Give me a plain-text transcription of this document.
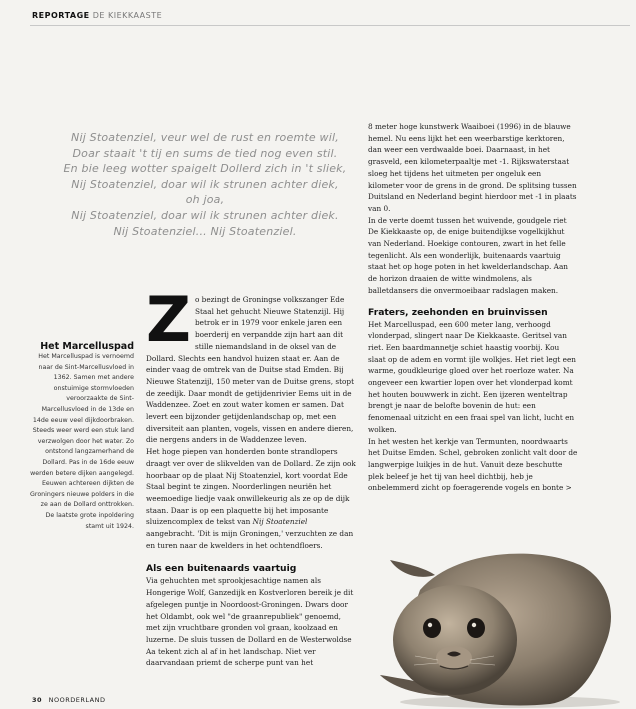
REPORTAGE DE KIEKKAASTE
Nij Stoatenziel, veur wel de rust en roemte wil,
Doar staait 't tij en sums de tied nog even stil.
En bie leeg wotter spaigelt Dollerd zich in 't sliek,
Nij Stoatenziel, doar wil ik strunen achter diek,
oh joa,
Nij Stoatenziel, doar wil ik strunen achter diek.
Nij Stoatenziel... Nij Stoatenziel.
Het Marcelluspad
Het Marcelluspad is vernoemd naar de Sint-Marcellusvloed in 1362. Samen met andere onstuimige stormvloeden veroorzaakte de Sint-Marcellusvloed in de 13de en 14de eeuw veel dijkdoorbraken. Steeds weer werd een stuk land verzwolgen door het water. Zo ontstond langzamerhand de Dollard. Pas in de 16de eeuw werden betere dijken aangelegd. Eeuwen achtereen dijkten de Groningers nieuwe polders in die ze aan de Dollard onttrokken. De laatste grote inpoldering stamt uit 1924.
Z o bezingt de Groningse volkszanger Ede Staal het gehucht Nieuwe Statenzijl. Hij betrok er in 1979 voor enkele jaren een boerderij en verpandde zijn hart aan dit stille niemandsland in de oksel van de Dollard. Slechts een handvol huizen staat er. Aan de einder vaag de omtrek van de Duitse stad Emden. Bij Nieuwe Statenzijl, 150 meter van de Duitse grens, stopt de zeedijk. Daar mondt de getijdenrivier Eems uit in de Waddenzee. Zoet en zout water komen er samen. Dat levert een bijzonder getijdenlandschap op, met een diversiteit aan planten, vogels, vissen en andere dieren, die nergens anders in de Waddenzee leven.

Het hoge piepen van honderden bonte strandlopers draagt ver over de slikvelden van de Dollard. Ze zijn ook hoorbaar op de plaat Nij Stoatenziel, kort voordat Ede Staal begint te zingen. Noorderlingen neuriën het weemoedige liedje vaak onwillekeurig als ze op de dijk staan. Daar is op een plaquette bij het imposante sluizencomplex de tekst van Nij Stoatenziel aangebracht. 'Dit is mijn Groningen,' verzuchten ze dan en turen naar de kwelders in het ochtendfloers.

Als een buitenaards vaartuig

Via gehuchten met sprookjesachtige namen als Hongerige Wolf, Ganzedijk en Kostverloren bereik je dit afgelegen puntje in Noordoost-Groningen. Dwars door het Oldambt, ook wel "de graanrepubliek" genoemd, met zijn vruchtbare gronden vol graan, koolzaad en luzerne. De sluis tussen de Dollard en de Westerwoldse Aa tekent zich al af in het landschap. Niet ver daarvandaan priemt de scherpe punt van het

8 meter hoge kunstwerk Waaiboei (1996) in de blauwe hemel. Nu eens lijkt het een weerbarstige kerktoren, dan weer een verdwaalde boei. Daarnaast, in het grasveld, een kilometerpaaltje met -1. Rijkswaterstaat sloeg het tijdens het uitmeten per ongeluk een kilometer voor de grens in de grond. De splitsing tussen Duitsland en Nederland begint hierdoor met -1 in plaats van 0.

In de verte doemt tussen het wuivende, goudgele riet De Kiekkaaste op, de enige buitendijkse vogelkijkhut van Nederland. Hoekige contouren, zwart in het felle tegenlicht. Als een wonderlijk, buitenaards vaartuig staat het op hoge poten in het kwelderlandschap. Aan de horizon draaien de witte windmolens, als balletdansers die onvermoeibaar radslagen maken.

Fraters, zeehonden en bruinvissen

Het Marcelluspad, een 600 meter lang, verhoogd vlonderpad, slingert naar De Kiekkaaste. Geritsel van riet. Een baardmannetje schiet haastig voorbij. Kou slaat op de adem en vormt ijle wolkjes. Het riet legt een warme, goudkleurige gloed over het roerloze water. Na ongeveer een kwartier lopen over het vlonderpad komt het houten bouwwerk in zicht. Een ijzeren wenteltrap brengt je naar de belofte bovenin de hut: een fenomenaal uitzicht en een fraai spel van licht, lucht en wolken.

In het westen het kerkje van Termunten, noordwaarts het Duitse Emden. Schel, gebroken zonlicht valt door de langwerpige luikjes in de hut. Vanuit deze beschutte plek beleef je het tij van heel dichtbij, heb je onbelemmerd zicht op foeragerende vogels en bonte >

30 NOORDERLAND
